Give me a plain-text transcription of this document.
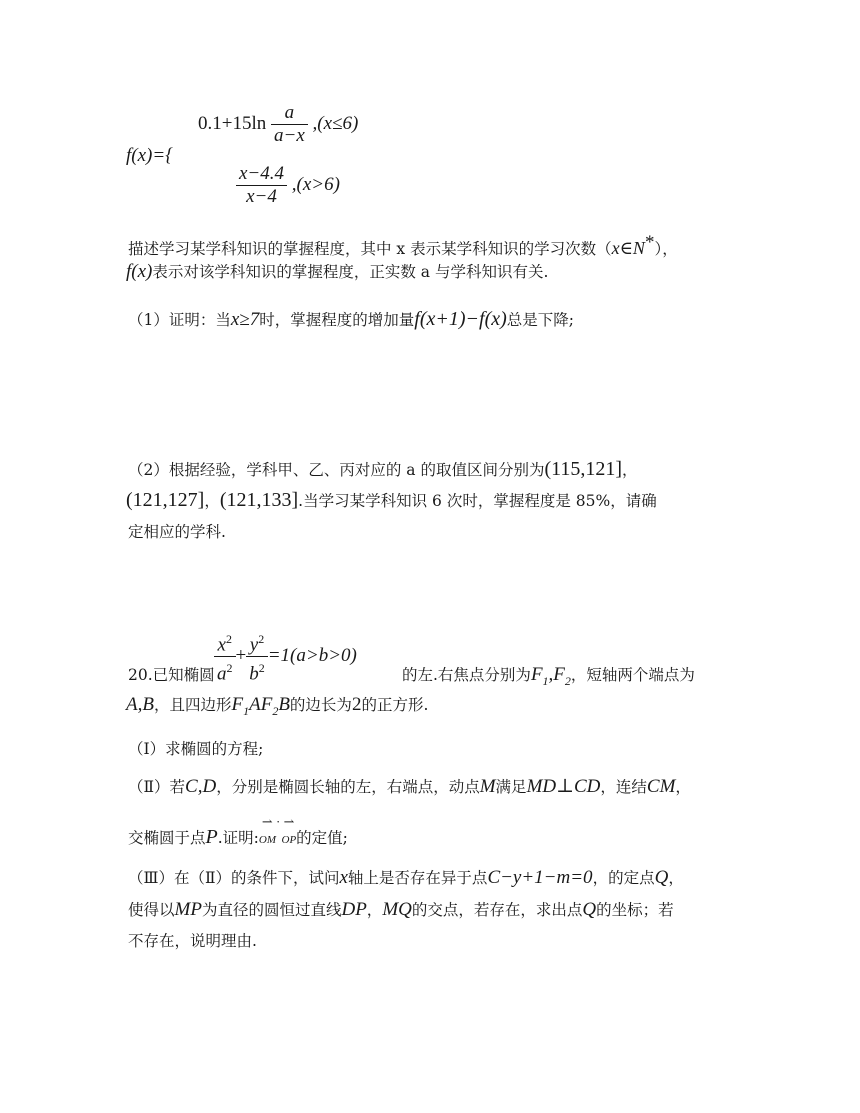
$0.1+15\ln \frac{a}{a-x} ,(x\le 6)$
f(x)={
$\frac{x-4.4}{x-4} ,(x>6)$
描述学习某学科知识的掌握程度，其中 x 表示某学科知识的学习次数（x∈N*），
f(x)表示对该学科知识的掌握程度，正实数 a 与学科知识有关.
（1）证明：当x≥7时，掌握程度的增加量f(x+1)−f(x)总是下降;
（2）根据经验，学科甲、乙、丙对应的 a 的取值区间分别为(115,121]，
(121,127]，(121,133].当学习某学科知识 6 次时，掌握程度是 85%，请确
定相应的学科.
$\frac{x^2}{a^2} + \frac{y^2}{b^2} =1(a>b>0)$
20.已知椭圆	的左.右焦点分别为$F_1,F_2$，短轴两个端点为
A,B，且四边形$F_1AF_2B$的边长为2的正方形.
（Ⅰ）求椭圆的方程;
（Ⅱ）若C,D，分别是椭圆长轴的左，右端点，动点M满足MD⊥CD，连结CM，
交椭圆于点P.证明:
⇀ · ⇀
OM OP的定值;
（Ⅲ）在（Ⅱ）的条件下，试问x轴上是否存在异于点C−y+1−m=0，的定点Q，
使得以MP为直径的圆恒过直线DP，MQ的交点，若存在，求出点Q的坐标；若
不存在，说明理由.
